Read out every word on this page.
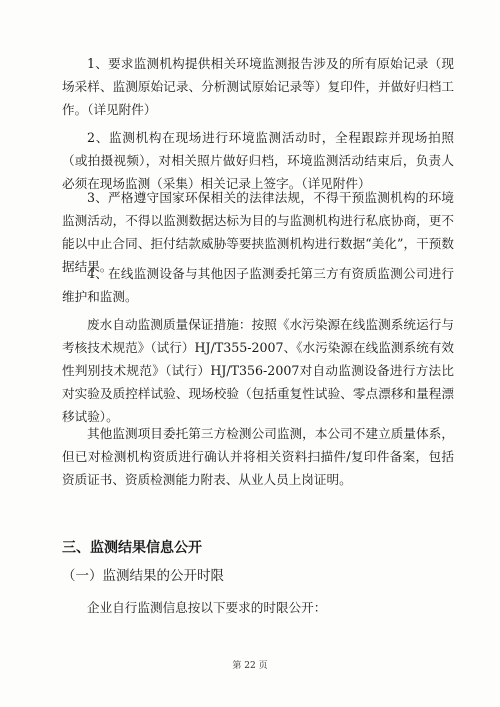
1、要求监测机构提供相关环境监测报告涉及的所有原始记录（现场采样、监测原始记录、分析测试原始记录等）复印件，并做好归档工作。（详见附件）

2、监测机构在现场进行环境监测活动时，全程跟踪并现场拍照（或拍摄视频），对相关照片做好归档，环境监测活动结束后，负责人必须在现场监测（采集）相关记录上签字。（详见附件）

3、严格遵守国家环保相关的法律法规，不得干预监测机构的环境监测活动，不得以监测数据达标为目的与监测机构进行私底协商，更不能以中止合同、拒付结款威胁等要挟监测机构进行数据“美化”，干预数据结果。

4、在线监测设备与其他因子监测委托第三方有资质监测公司进行维护和监测。

废水自动监测质量保证措施：按照《水污染源在线监测系统运行与考核技术规范》（试行）HJ/T355-2007、《水污染源在线监测系统有效性判别技术规范》（试行）HJ/T356-2007对自动监测设备进行方法比对实验及质控样试验、现场校验（包括重复性试验、零点漂移和量程漂移试验）。

其他监测项目委托第三方检测公司监测，本公司不建立质量体系，但已对检测机构资质进行确认并将相关资料扫描件/复印件备案，包括资质证书、资质检测能力附表、从业人员上岗证明。

三、监测结果信息公开
（一）监测结果的公开时限

企业自行监测信息按以下要求的时限公开：

第 22 页
